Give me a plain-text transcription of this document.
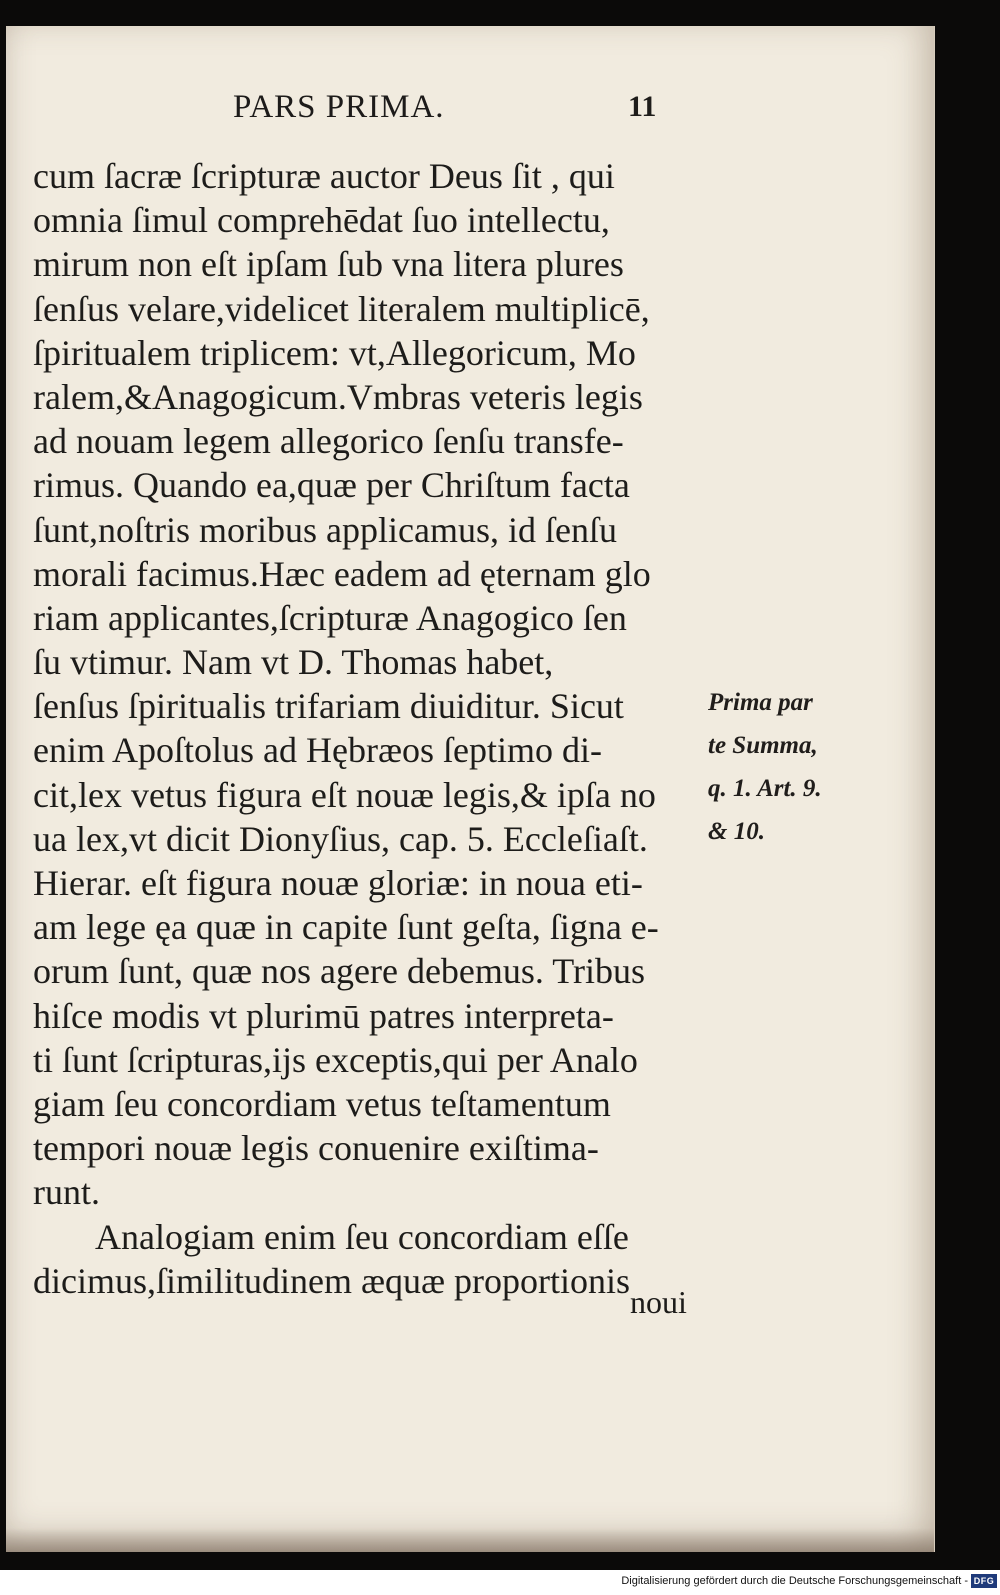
PARS PRIMA.	11
cum ſacræ ſcripturæ auctor Deus ſit , qui
omnia ſimul comprehēdat ſuo intellectu,
mirum non eſt ipſam ſub vna litera plures
ſenſus velare,videlicet literalem multiplicē,
ſpiritualem triplicem: vt,Allegoricum, Mo
ralem,&Anagogicum.Vmbras veteris legis
ad nouam legem allegorico ſenſu transfe-
rimus. Quando ea,quæ per Chriſtum facta
ſunt,noſtris moribus applicamus, id ſenſu
morali facimus.Hæc eadem ad ęternam glo
riam applicantes,ſcripturæ Anagogico ſen
ſu vtimur. Nam vt D. Thomas habet,
ſenſus ſpiritualis trifariam diuiditur. Sicut
enim Apoſtolus ad Hębræos ſeptimo di-
cit,lex vetus figura eſt nouæ legis,& ipſa no
ua lex,vt dicit Dionyſius, cap. 5. Eccleſiaſt.
Hierar. eſt figura nouæ gloriæ: in noua eti-
am lege ęa quæ in capite ſunt geſta, ſigna e-
orum ſunt, quæ nos agere debemus. Tribus
hiſce modis vt plurimū patres interpreta-
ti ſunt ſcripturas,ijs exceptis,qui per Analo
giam ſeu concordiam vetus teſtamentum
tempori nouæ legis conuenire exiſtima-
runt.
Analogiam enim ſeu concordiam eſſe
dicimus,ſimilitudinem æquæ proportionis
noui
Prima par
te Summa,
q. 1. Art. 9.
& 10.
Digitalisierung gefördert durch die Deutsche Forschungsgemeinschaft - DFG
